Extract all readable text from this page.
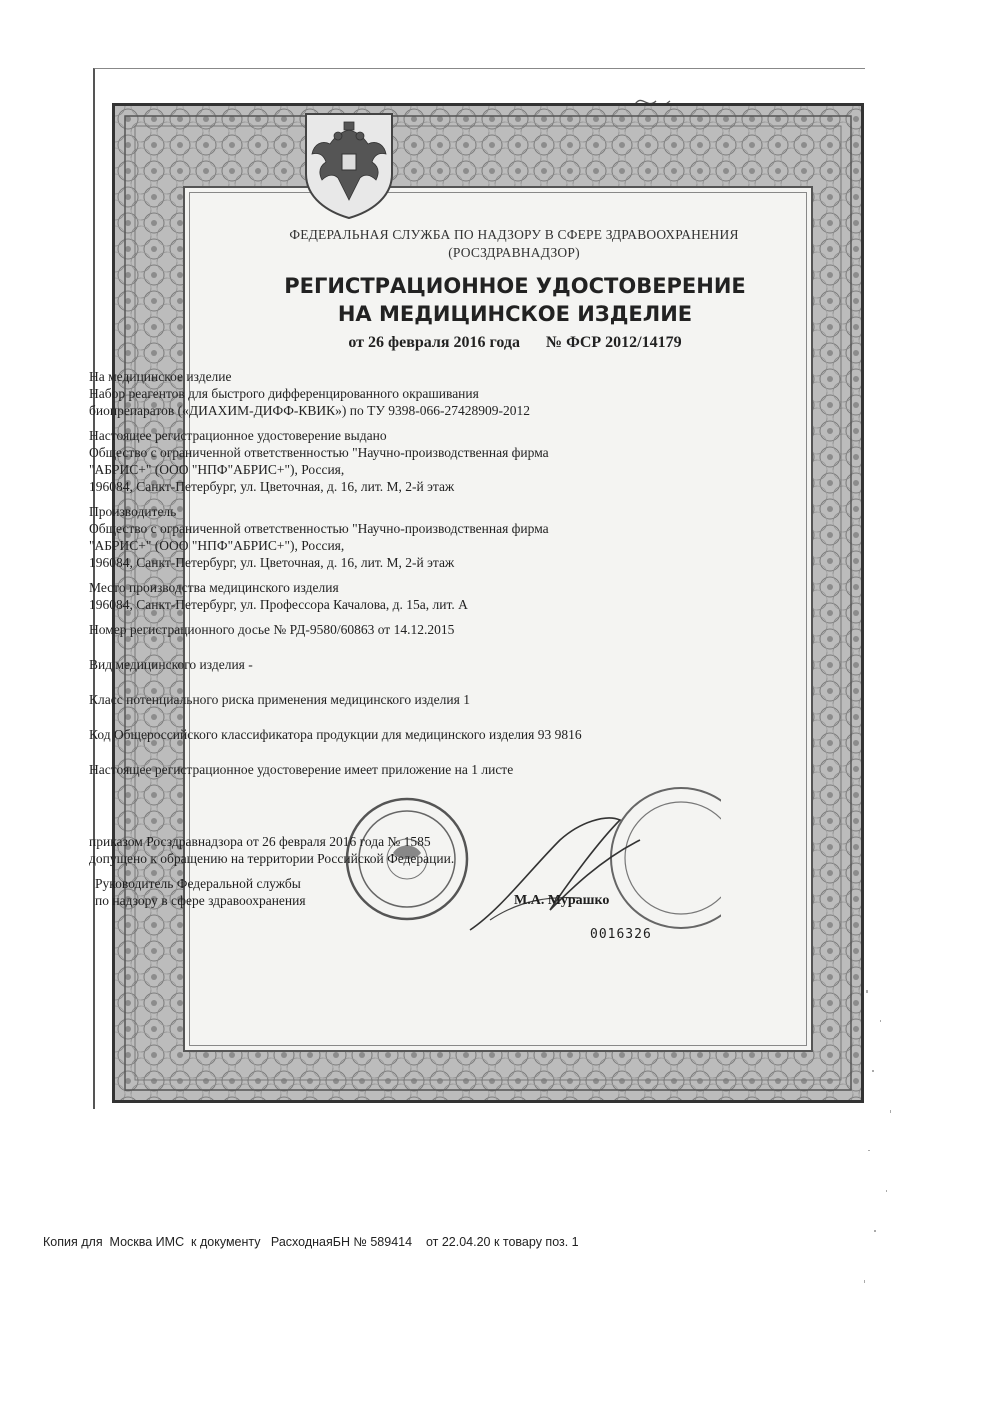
ФЕДЕРАЛЬНАЯ СЛУЖБА ПО НАДЗОРУ В СФЕРЕ ЗДРАВООХРАНЕНИЯ
(РОСЗДРАВНАДЗОР)
РЕГИСТРАЦИОННОЕ УДОСТОВЕРЕНИЕ
НА МЕДИЦИНСКОЕ ИЗДЕЛИЕ
от 26 февраля 2016 года № ФСР 2012/14179
На медицинское изделие
Набор реагентов для быстрого дифференцированного окрашивания
биопрепаратов («ДИАХИМ-ДИФФ-КВИК») по ТУ 9398-066-27428909-2012
Настоящее регистрационное удостоверение выдано
Общество с ограниченной ответственностью "Научно-производственная фирма
"АБРИС+" (ООО "НПФ"АБРИС+"), Россия,
196084, Санкт-Петербург, ул. Цветочная, д. 16, лит. М, 2-й этаж
Производитель
Общество с ограниченной ответственностью "Научно-производственная фирма
"АБРИС+" (ООО "НПФ"АБРИС+"), Россия,
196084, Санкт-Петербург, ул. Цветочная, д. 16, лит. М, 2-й этаж
Место производства медицинского изделия
196084, Санкт-Петербург, ул. Профессора Качалова, д. 15а, лит. А
Номер регистрационного досье № РД-9580/60863 от 14.12.2015
Вид медицинского изделия -
Класс потенциального риска применения медицинского изделия 1
Код Общероссийского классификатора продукции для медицинского изделия 93 9816
Настоящее регистрационное удостоверение имеет приложение на 1 листе
приказом Росздравнадзора от 26 февраля 2016 года № 1585
допущено к обращению на территории Российской Федерации.
Руководитель Федеральной службы
по надзору в сфере здравоохранения	М.А. Мурашко
0016326
Копия для  Москва ИМС  к документу   РасходнаяБН № 589414    от 22.04.20 к товару поз. 1
